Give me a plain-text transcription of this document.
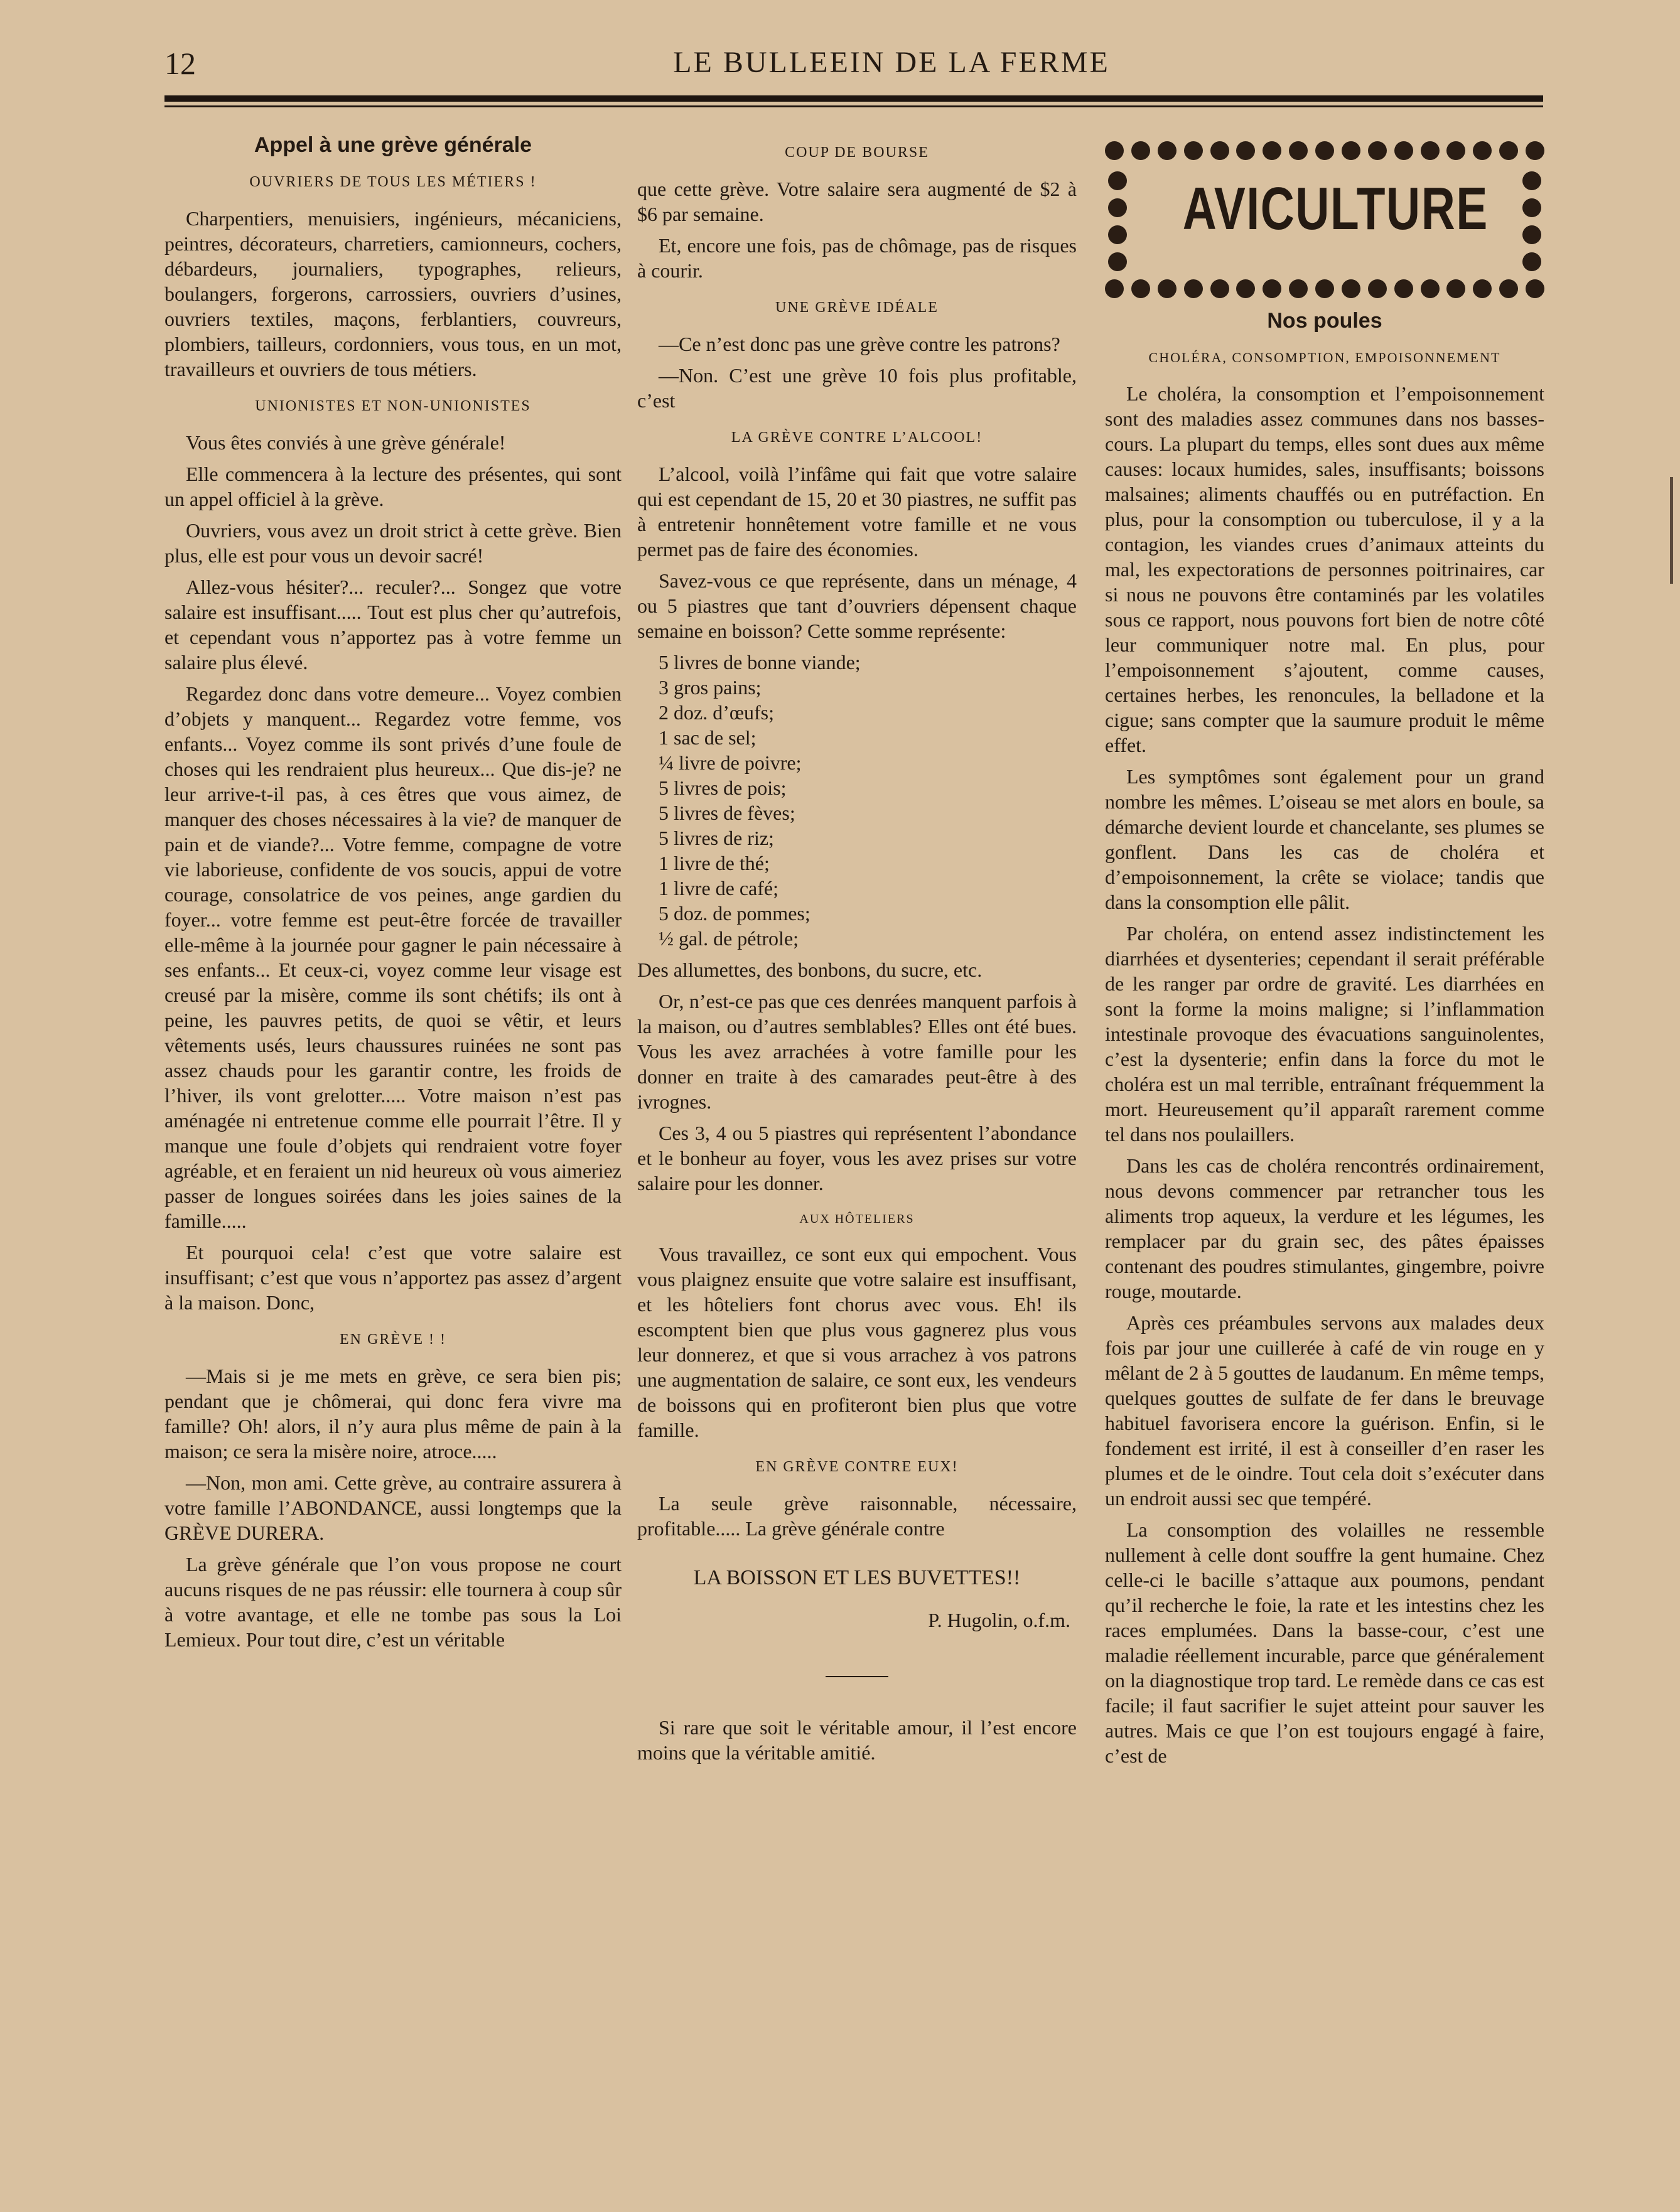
12	LE BULLEEIN DE LA FERME
Appel à une grève générale
OUVRIERS DE TOUS LES MÉTIERS !

Charpentiers, menuisiers, ingénieurs, mécaniciens, peintres, décorateurs, charretiers, camionneurs, cochers, débardeurs, journaliers, typographes, relieurs, boulangers, forgerons, carrossiers, ouvriers d’usines, ouvriers textiles, maçons, ferblantiers, couvreurs, plombiers, tailleurs, cordonniers, vous tous, en un mot, travailleurs et ouvriers de tous métiers.

UNIONISTES ET NON-UNIONISTES

Vous êtes conviés à une grève générale!

Elle commencera à la lecture des présentes, qui sont un appel officiel à la grève.

Ouvriers, vous avez un droit strict à cette grève. Bien plus, elle est pour vous un devoir sacré!

Allez-vous hésiter?... reculer?... Songez que votre salaire est insuffisant..... Tout est plus cher qu’autrefois, et cependant vous n’apportez pas à votre femme un salaire plus élevé.

Regardez donc dans votre demeure... Voyez combien d’objets y manquent... Regardez votre femme, vos enfants... Voyez comme ils sont privés d’une foule de choses qui les rendraient plus heureux... Que dis-je? ne leur arrive-t-il pas, à ces êtres que vous aimez, de manquer des choses nécessaires à la vie? de manquer de pain et de viande?... Votre femme, compagne de votre vie laborieuse, confidente de vos soucis, appui de votre courage, consolatrice de vos peines, ange gardien du foyer... votre femme est peut-être forcée de travailler elle-même à la journée pour gagner le pain nécessaire à ses enfants... Et ceux-ci, voyez comme leur visage est creusé par la misère, comme ils sont chétifs; ils ont à peine, les pauvres petits, de quoi se vêtir, et leurs vêtements usés, leurs chaussures ruinées ne sont pas assez chauds pour les garantir contre, les froids de l’hiver, ils vont grelotter..... Votre maison n’est pas aménagée ni entretenue comme elle pourrait l’être. Il y manque une foule d’objets qui rendraient votre foyer agréable, et en feraient un nid heureux où vous aimeriez passer de longues soirées dans les joies saines de la famille.....

Et pourquoi cela! c’est que votre salaire est insuffisant; c’est que vous n’apportez pas assez d’argent à la maison. Donc,

EN GRÈVE ! !

—Mais si je me mets en grève, ce sera bien pis; pendant que je chômerai, qui donc fera vivre ma famille? Oh! alors, il n’y aura plus même de pain à la maison; ce sera la misère noire, atroce.....

—Non, mon ami. Cette grève, au contraire assurera à votre famille l’ABONDANCE, aussi longtemps que la GRÈVE DURERA.

La grève générale que l’on vous propose ne court aucuns risques de ne pas réussir: elle tournera à coup sûr à votre avantage, et elle ne tombe pas sous la Loi Lemieux. Pour tout dire, c’est un véritable

COUP DE BOURSE

que cette grève. Votre salaire sera augmenté de $2 à $6 par semaine.

Et, encore une fois, pas de chômage, pas de risques à courir.

UNE GRÈVE IDÉALE

—Ce n’est donc pas une grève contre les patrons?

—Non. C’est une grève 10 fois plus profitable, c’est

LA GRÈVE CONTRE L’ALCOOL!

L’alcool, voilà l’infâme qui fait que votre salaire qui est cependant de 15, 20 et 30 piastres, ne suffit pas à entretenir honnêtement votre famille et ne vous permet pas de faire des économies.

Savez-vous ce que représente, dans un ménage, 4 ou 5 piastres que tant d’ouvriers dépensent chaque semaine en boisson? Cette somme représente:

5 livres de bonne viande;
3 gros pains;
2 doz. d’œufs;
1 sac de sel;
¼ livre de poivre;
5 livres de pois;
5 livres de fèves;
5 livres de riz;
1 livre de thé;
1 livre de café;
5 doz. de pommes;
½ gal. de pétrole;

Des allumettes, des bonbons, du sucre, etc.

Or, n’est-ce pas que ces denrées manquent parfois à la maison, ou d’autres semblables? Elles ont été bues. Vous les avez arrachées à votre famille pour les donner en traite à des camarades peut-être à des ivrognes.

Ces 3, 4 ou 5 piastres qui représentent l’abondance et le bonheur au foyer, vous les avez prises sur votre salaire pour les donner.

AUX HÔTELIERS

Vous travaillez, ce sont eux qui empochent. Vous vous plaignez ensuite que votre salaire est insuffisant, et les hôteliers font chorus avec vous. Eh! ils escomptent bien que plus vous gagnerez plus vous leur donnerez, et que si vous arrachez à vos patrons une augmentation de salaire, ce sont eux, les vendeurs de boissons qui en profiteront bien plus que votre famille.

EN GRÈVE CONTRE EUX!

La seule grève raisonnable, nécessaire, profitable..... La grève générale contre

LA BOISSON ET LES BUVETTES!!
P. Hugolin, o.f.m.

Si rare que soit le véritable amour, il l’est encore moins que la véritable amitié.

AVICULTURE
Nos poules
CHOLÉRA, CONSOMPTION, EMPOISONNEMENT

Le choléra, la consomption et l’empoisonnement sont des maladies assez communes dans nos basses-cours. La plupart du temps, elles sont dues aux même causes: locaux humides, sales, insuffisants; boissons malsaines; aliments chauffés ou en putréfaction. En plus, pour la consomption ou tuberculose, il y a la contagion, les viandes crues d’animaux atteints du mal, les expectorations de personnes poitrinaires, car si nous ne pouvons être contaminés par les volatiles sous ce rapport, nous pouvons fort bien de notre côté leur communiquer notre mal. En plus, pour l’empoisonnement s’ajoutent, comme causes, certaines herbes, les renoncules, la belladone et la cigue; sans compter que la saumure produit le même effet.

Les symptômes sont également pour un grand nombre les mêmes. L’oiseau se met alors en boule, sa démarche devient lourde et chancelante, ses plumes se gonflent. Dans les cas de choléra et d’empoisonnement, la crête se violace; tandis que dans la consomption elle pâlit.

Par choléra, on entend assez indistinctement les diarrhées et dysenteries; cependant il serait préférable de les ranger par ordre de gravité. Les diarrhées en sont la forme la moins maligne; si l’inflammation intestinale provoque des évacuations sanguinolentes, c’est la dysenterie; enfin dans la force du mot le choléra est un mal terrible, entraînant fréquemment la mort. Heureusement qu’il apparaît rarement comme tel dans nos poulaillers.

Dans les cas de choléra rencontrés ordinairement, nous devons commencer par retrancher tous les aliments trop aqueux, la verdure et les légumes, les remplacer par du grain sec, des pâtes épaisses contenant des poudres stimulantes, gingembre, poivre rouge, moutarde.

Après ces préambules servons aux malades deux fois par jour une cuillerée à café de vin rouge en y mêlant de 2 à 5 gouttes de laudanum. En même temps, quelques gouttes de sulfate de fer dans le breuvage habituel favorisera encore la guérison. Enfin, si le fondement est irrité, il est à conseiller d’en raser les plumes et de le oindre. Tout cela doit s’exécuter dans un endroit aussi sec que tempéré.

La consomption des volailles ne ressemble nullement à celle dont souffre la gent humaine. Chez celle-ci le bacille s’attaque aux poumons, pendant qu’il recherche le foie, la rate et les intestins chez les races emplumées. Dans la basse-cour, c’est une maladie réellement incurable, parce que généralement on la diagnostique trop tard. Le remède dans ce cas est facile; il faut sacrifier le sujet atteint pour sauver les autres. Mais ce que l’on est toujours engagé à faire, c’est de
